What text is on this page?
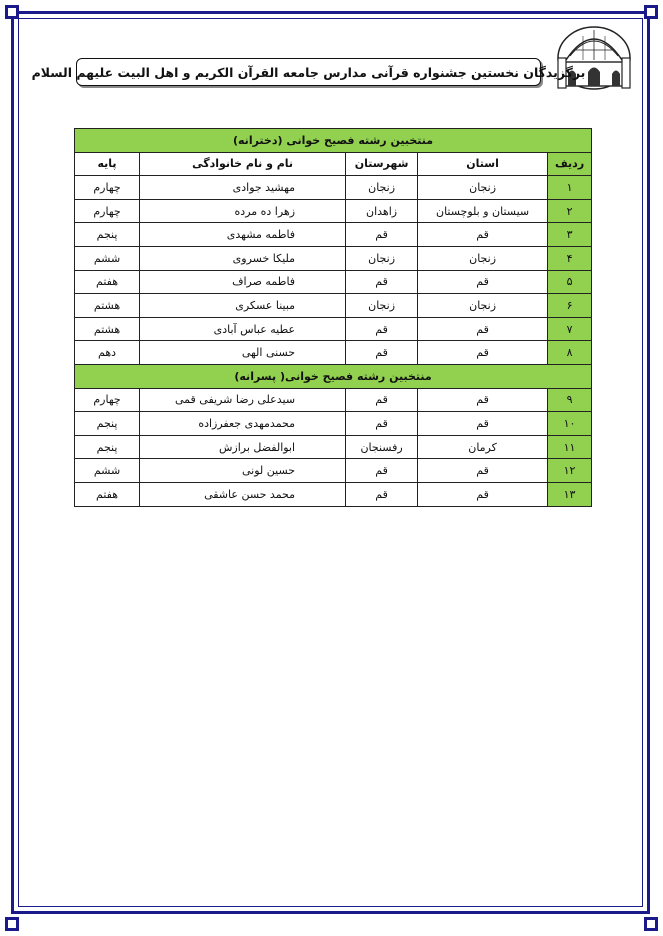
برگزیدگان نخستین جشنواره قرآنی مدارس جامعه القرآن الکریم و اهل البیت علیهم السلام
منتخبین رشته فصیح خوانی (دخترانه)				
ردیف	استان	شهرستان	نام و نام خانوادگی	پایه
۱	زنجان	زنجان	مهشید جوادی	چهارم
۲	سیستان و بلوچستان	زاهدان	زهرا ده مرده	چهارم
۳	قم	قم	فاطمه مشهدی	پنجم
۴	زنجان	زنجان	ملیکا خسروی	ششم
۵	قم	قم	فاطمه صراف	هفتم
۶	زنجان	زنجان	مبینا عسکری	هشتم
۷	قم	قم	عطیه عباس آبادی	هشتم
۸	قم	قم	حسنی الهی	دهم
منتخبین رشته فصیح خوانی( پسرانه)				
۹	قم	قم	سیدعلی رضا شریفی قمی	چهارم
۱۰	قم	قم	محمدمهدی جعفرزاده	پنجم
۱۱	کرمان	رفسنجان	ابوالفضل برازش	پنجم
۱۲	قم	قم	حسین لونی	ششم
۱۳	قم	قم	محمد حسن عاشقی	هفتم
